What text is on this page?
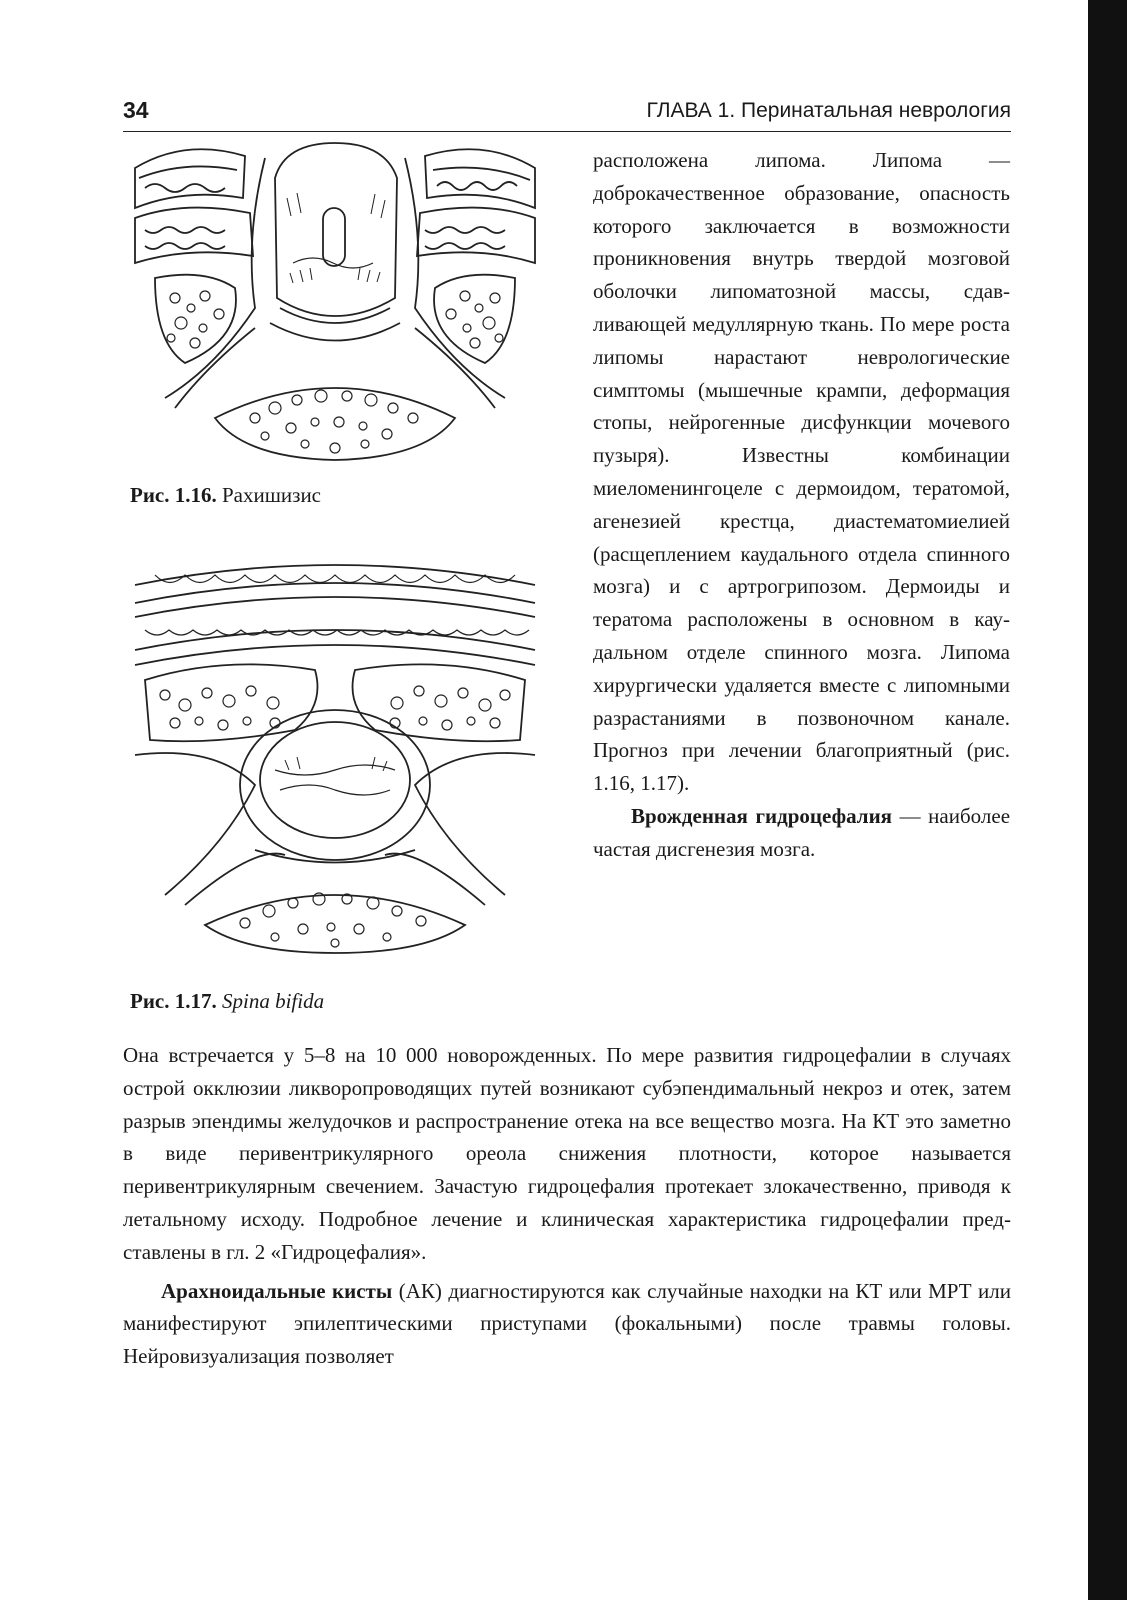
34	ГЛАВА 1. Перинатальная неврология
Рис. 1.16. Рахишизис
Рис. 1.17. Spina bifida

расположена липома. Липома — доброкачественное образование, опасность которого заключается в возможности проникновения внутрь твердой мозговой оболочки липоматозной массы, сдавливающей медуллярную ткань. По мере роста липомы нарастают неврологические симптомы (мышечные крампи, деформация стопы, нейрогенные дисфункции мочевого пузыря). Известны комбинации миеломенингоцеле с дермоидом, тератомой, агенезией крестца, диастематомиелией (расщеплением каудального отдела спинного мозга) и с артрогрипозом. Дермоиды и тератома расположены в основном в каудальном отделе спинного мозга. Липома хирургически удаляется вместе с липомными разрастаниями в позвоночном канале. Прогноз при лечении благоприятный (рис. 1.16, 1.17).

Врожденная гидроцефалия — наиболее частая дисгенезия мозга.

Она встречается у 5–8 на 10 000 новорожденных. По мере развития гидроцефалии в случаях острой окклюзии ликворопроводящих путей возникают субэпендимальный некроз и отек, затем разрыв эпендимы желудочков и распространение отека на все вещество мозга. На КТ это заметно в виде перивентрикулярного ореола снижения плотности, которое называется перивентрикулярным свечением. Зачастую гидроцефалия протекает злокачественно, приводя к летальному исходу. Подробное лечение и клиническая характеристика гидроцефалии представлены в гл. 2 «Гидроцефалия».

Арахноидальные кисты (АК) диагностируются как случайные находки на КТ или МРТ или манифестируют эпилептическими приступами (фокальными) после травмы головы. Нейровизуализация позволяет
